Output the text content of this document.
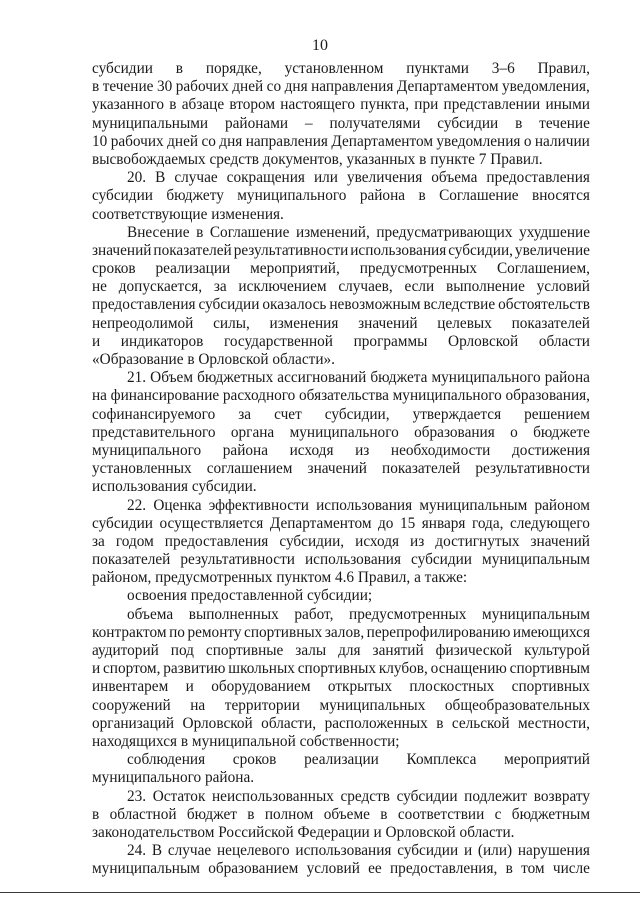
10
субсидии в порядке, установленном пунктами 3–6 Правил,
в течение 30 рабочих дней со дня направления Департаментом уведомления,
указанного в абзаце втором настоящего пункта, при представлении иными
муниципальными районами – получателями субсидии в течение
10 рабочих дней со дня направления Департаментом уведомления о наличии
высвобождаемых средств документов, указанных в пункте 7 Правил.
20. В случае сокращения или увеличения объема предоставления
субсидии бюджету муниципального района в Соглашение вносятся
соответствующие изменения.
Внесение в Соглашение изменений, предусматривающих ухудшение
значений показателей результативности использования субсидии, увеличение
сроков реализации мероприятий, предусмотренных Соглашением,
не допускается, за исключением случаев, если выполнение условий
предоставления субсидии оказалось невозможным вследствие обстоятельств
непреодолимой силы, изменения значений целевых показателей
и индикаторов государственной программы Орловской области
«Образование в Орловской области».
21. Объем бюджетных ассигнований бюджета муниципального района
на финансирование расходного обязательства муниципального образования,
софинансируемого за счет субсидии, утверждается решением
представительного органа муниципального образования о бюджете
муниципального района исходя из необходимости достижения
установленных соглашением значений показателей результативности
использования субсидии.
22. Оценка эффективности использования муниципальным районом
субсидии осуществляется Департаментом до 15 января года, следующего
за годом предоставления субсидии, исходя из достигнутых значений
показателей результативности использования субсидии муниципальным
районом, предусмотренных пунктом 4.6 Правил, а также:
освоения предоставленной субсидии;
объема выполненных работ, предусмотренных муниципальным
контрактом по ремонту спортивных залов, перепрофилированию имеющихся
аудиторий под спортивные залы для занятий физической культурой
и спортом, развитию школьных спортивных клубов, оснащению спортивным
инвентарем и оборудованием открытых плоскостных спортивных
сооружений на территории муниципальных общеобразовательных
организаций Орловской области, расположенных в сельской местности,
находящихся в муниципальной собственности;
соблюдения сроков реализации Комплекса мероприятий
муниципального района.
23. Остаток неиспользованных средств субсидии подлежит возврату
в областной бюджет в полном объеме в соответствии с бюджетным
законодательством Российской Федерации и Орловской области.
24. В случае нецелевого использования субсидии и (или) нарушения
муниципальным образованием условий ее предоставления, в том числе
